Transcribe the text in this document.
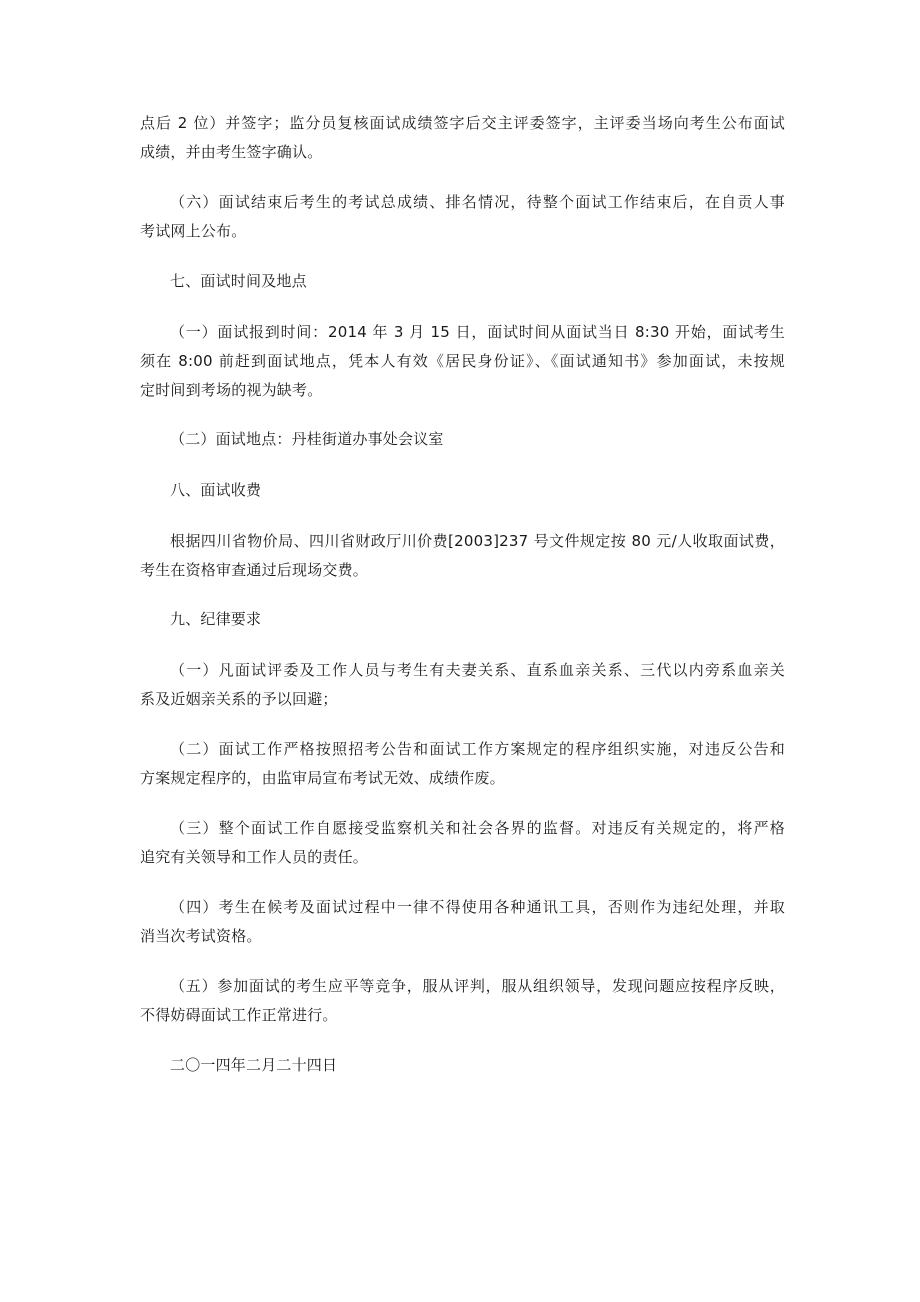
点后 2 位）并签字；监分员复核面试成绩签字后交主评委签字，主评委当场向考生公布面试
成绩，并由考生签字确认。
（六）面试结束后考生的考试总成绩、排名情况，待整个面试工作结束后，在自贡人事
考试网上公布。
七、面试时间及地点
（一）面试报到时间：2014 年 3 月 15 日，面试时间从面试当日 8:30 开始，面试考生
须在 8:00 前赶到面试地点，凭本人有效《居民身份证》、《面试通知书》参加面试，未按规
定时间到考场的视为缺考。
（二）面试地点：丹桂街道办事处会议室
八、面试收费
根据四川省物价局、四川省财政厅川价费[2003]237 号文件规定按 80 元/人收取面试费，
考生在资格审查通过后现场交费。
九、纪律要求
（一）凡面试评委及工作人员与考生有夫妻关系、直系血亲关系、三代以内旁系血亲关
系及近姻亲关系的予以回避；
（二）面试工作严格按照招考公告和面试工作方案规定的程序组织实施，对违反公告和
方案规定程序的，由监审局宣布考试无效、成绩作废。
（三）整个面试工作自愿接受监察机关和社会各界的监督。对违反有关规定的，将严格
追究有关领导和工作人员的责任。
（四）考生在候考及面试过程中一律不得使用各种通讯工具，否则作为违纪处理，并取
消当次考试资格。
（五）参加面试的考生应平等竞争，服从评判，服从组织领导，发现问题应按程序反映，
不得妨碍面试工作正常进行。
二〇一四年二月二十四日
